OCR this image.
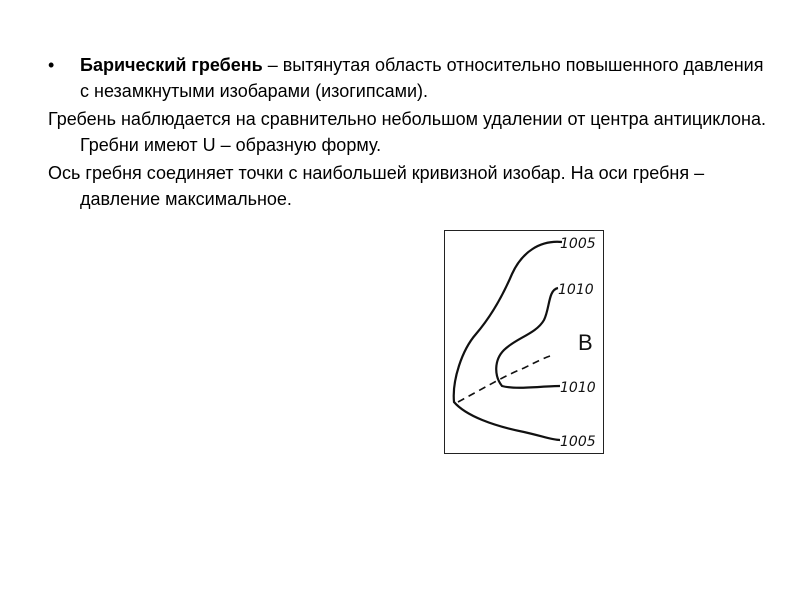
• Барический гребень – вытянутая область относительно повышенного давления с незамкнутыми изобарами (изогипсами).
Гребень наблюдается на сравнительно небольшом удалении от центра антициклона. Гребни имеют U – образную форму.
Ось гребня соединяет точки с наибольшей кривизной изобар. На оси гребня – давление максимальное.
1005
1010
В
1010
1005
